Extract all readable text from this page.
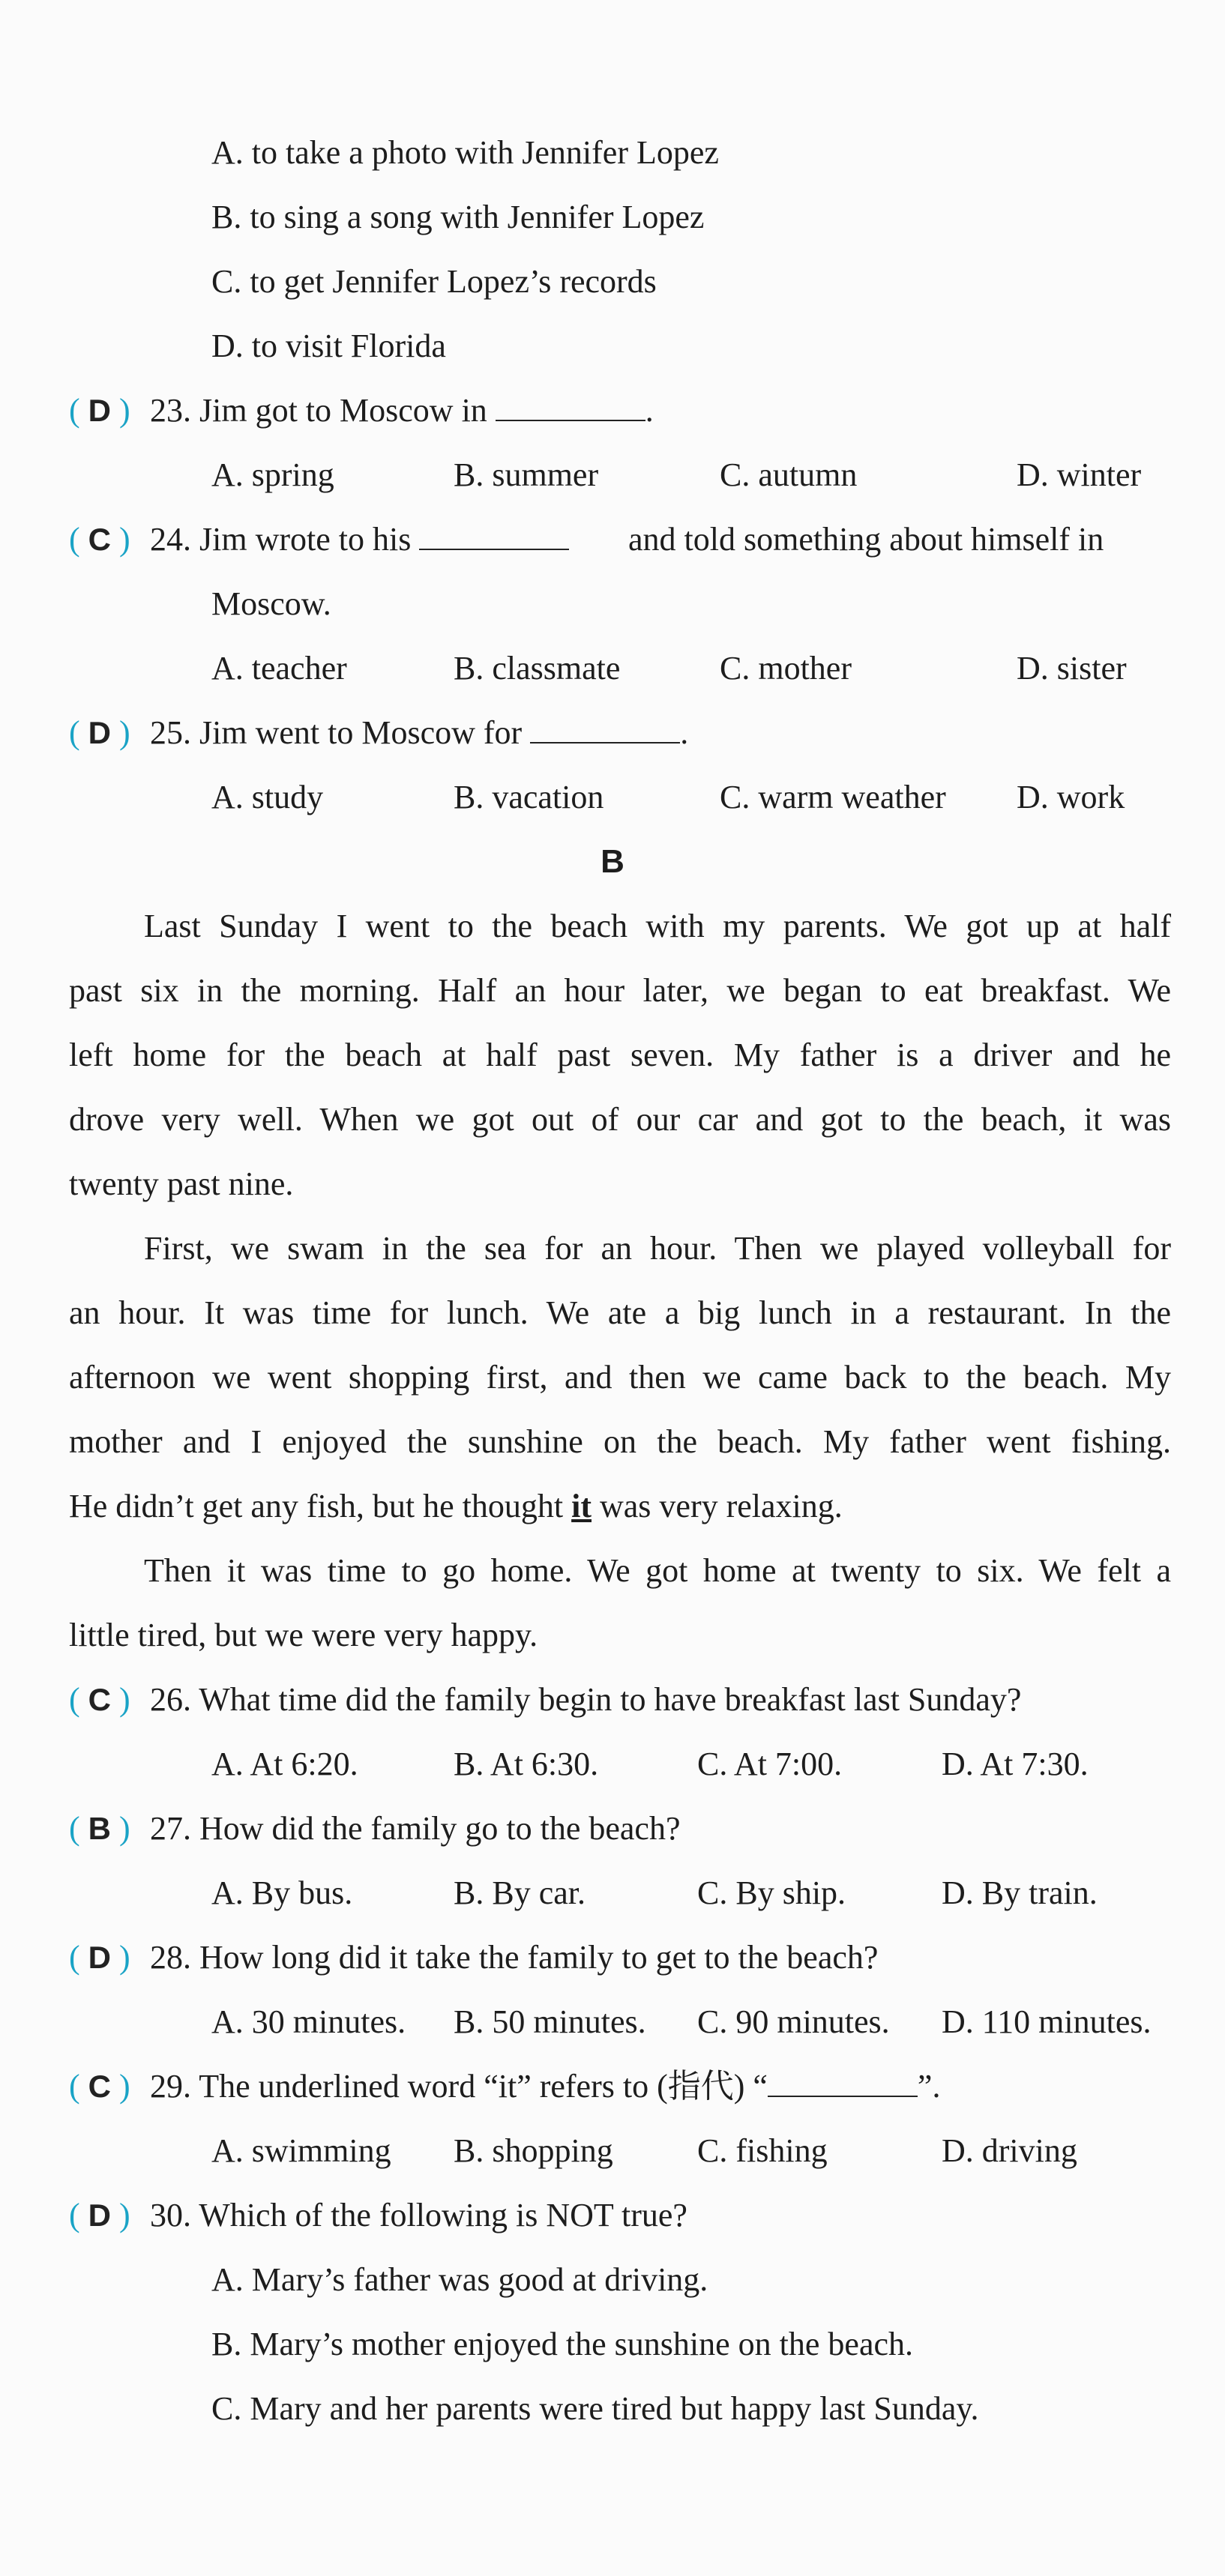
A. to take a photo with Jennifer Lopez
B. to sing a song with Jennifer Lopez
C. to get Jennifer Lopez’s records
D. to visit Florida
( D ) 23. Jim got to Moscow in	.
A. spring	B. summer	C. autumn	D. winter
( C ) 24. Jim wrote to his	and told something about himself in
Moscow.
A. teacher	B. classmate	C. mother	D. sister
( D ) 25. Jim went to Moscow for	.
A. study	B. vacation	C. warm weather D. work
B
Last Sunday I went to the beach with my parents. We got up at half
past six in the morning. Half an hour later, we began to eat breakfast. We
left home for the beach at half past seven. My father is a driver and he
drove very well. When we got out of our car and got to the beach, it was
twenty past nine.
First, we swam in the sea for an hour. Then we played volleyball for
an hour. It was time for lunch. We ate a big lunch in a restaurant. In the
afternoon we went shopping first, and then we came back to the beach. My
mother and I enjoyed the sunshine on the beach. My father went fishing.
He didn’t get any fish, but he thought it was very relaxing.
Then it was time to go home. We got home at twenty to six. We felt a
little tired, but we were very happy.
( C ) 26. What time did the family begin to have breakfast last Sunday?
A. At 6:20.	B. At 6:30.	C. At 7:00.	D. At 7:30.
( B ) 27. How did the family go to the beach?
A. By bus.	B. By car.	C. By ship.	D. By train.
( D ) 28. How long did it take the family to get to the beach?
A. 30 minutes. B. 50 minutes. C. 90 minutes. D. 110 minutes.
( C ) 29. The underlined word “it” refers to (指代) “	”.
A. swimming B. shopping	C. fishing	D. driving
( D ) 30. Which of the following is NOT true?
A. Mary’s father was good at driving.
B. Mary’s mother enjoyed the sunshine on the beach.
C. Mary and her parents were tired but happy last Sunday.
